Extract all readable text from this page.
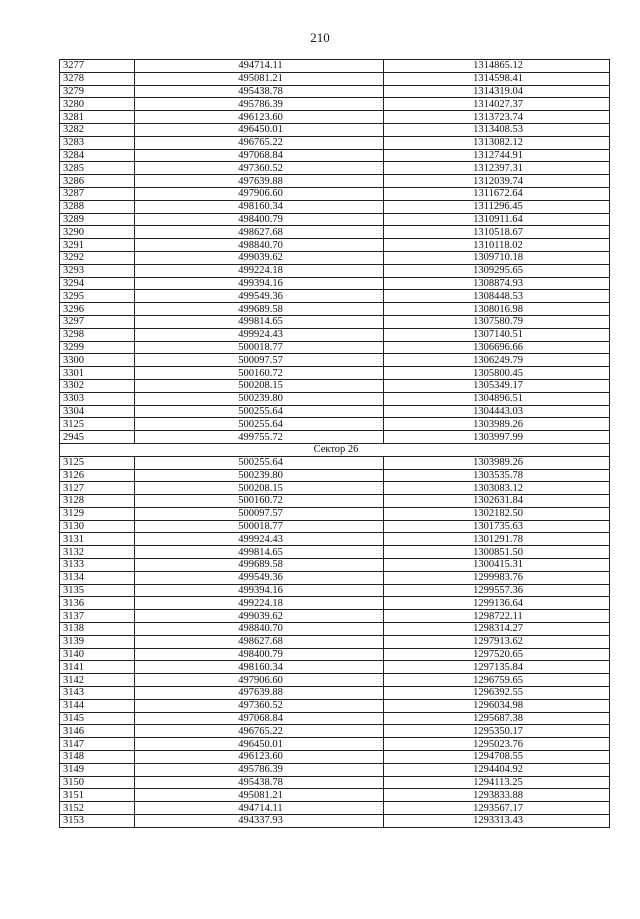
210
3277	494714.11	1314865.12
3278	495081.21	1314598.41
3279	495438.78	1314319.04
3280	495786.39	1314027.37
3281	496123.60	1313723.74
3282	496450.01	1313408.53
3283	496765.22	1313082.12
3284	497068.84	1312744.91
3285	497360.52	1312397.31
3286	497639.88	1312039.74
3287	497906.60	1311672.64
3288	498160.34	1311296.45
3289	498400.79	1310911.64
3290	498627.68	1310518.67
3291	498840.70	1310118.02
3292	499039.62	1309710.18
3293	499224.18	1309295.65
3294	499394.16	1308874.93
3295	499549.36	1308448.53
3296	499689.58	1308016.98
3297	499814.65	1307580.79
3298	499924.43	1307140.51
3299	500018.77	1306696.66
3300	500097.57	1306249.79
3301	500160.72	1305800.45
3302	500208.15	1305349.17
3303	500239.80	1304896.51
3304	500255.64	1304443.03
3125	500255.64	1303989.26
2945	499755.72	1303997.99
Сектор 26		
3125	500255.64	1303989.26
3126	500239.80	1303535.78
3127	500208.15	1303083.12
3128	500160.72	1302631.84
3129	500097.57	1302182.50
3130	500018.77	1301735.63
3131	499924.43	1301291.78
3132	499814.65	1300851.50
3133	499689.58	1300415.31
3134	499549.36	1299983.76
3135	499394.16	1299557.36
3136	499224.18	1299136.64
3137	499039.62	1298722.11
3138	498840.70	1298314.27
3139	498627.68	1297913.62
3140	498400.79	1297520.65
3141	498160.34	1297135.84
3142	497906.60	1296759.65
3143	497639.88	1296392.55
3144	497360.52	1296034.98
3145	497068.84	1295687.38
3146	496765.22	1295350.17
3147	496450.01	1295023.76
3148	496123.60	1294708.55
3149	495786.39	1294404.92
3150	495438.78	1294113.25
3151	495081.21	1293833.88
3152	494714.11	1293567.17
3153	494337.93	1293313.43
